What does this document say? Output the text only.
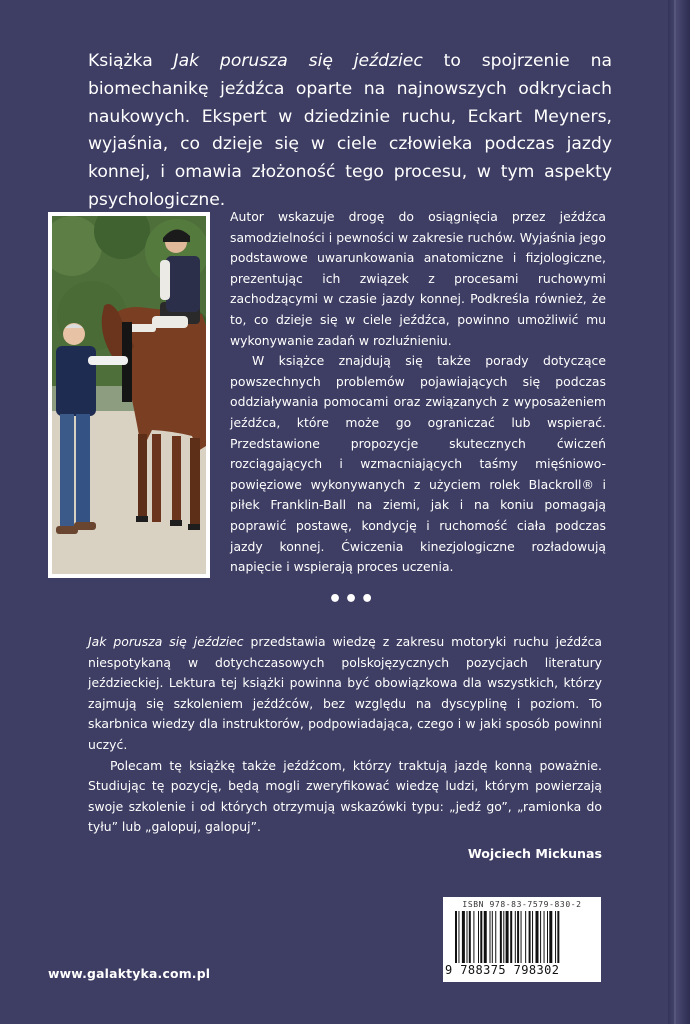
Książka Jak porusza się jeździec to spojrzenie na biomechanikę jeźdźca oparte na najnowszych odkryciach naukowych. Ekspert w dziedzinie ruchu, Eckart Meyners, wyjaśnia, co dzieje się w ciele człowieka podczas jazdy konnej, i omawia złożoność tego procesu, w tym aspekty psychologiczne.

Autor wskazuje drogę do osiągnięcia przez jeźdźca samodzielności i pewności w zakresie ruchów. Wyjaśnia jego podstawowe uwarunkowania anatomiczne i fizjologiczne, prezentując ich związek z procesami ruchowymi zachodzącymi w czasie jazdy konnej. Podkreśla również, że to, co dzieje się w ciele jeźdźca, powinno umożliwić mu wykonywanie zadań w rozluźnieniu.

W książce znajdują się także porady dotyczące powszechnych problemów pojawiających się podczas oddziaływania pomocami oraz związanych z wyposażeniem jeźdźca, które może go ograniczać lub wspierać. Przedstawione propozycje skutecznych ćwiczeń rozciągających i wzmacniających taśmy mięśniowo-powięziowe wykonywanych z użyciem rolek Blackroll® i piłek Franklin-Ball na ziemi, jak i na koniu pomagają poprawić postawę, kondycję i ruchomość ciała podczas jazdy konnej. Ćwiczenia kinezjologiczne rozładowują napięcie i wspierają proces uczenia.

•••

Jak porusza się jeździec przedstawia wiedzę z zakresu motoryki ruchu jeźdźca niespotykaną w dotychczasowych polskojęzycznych pozycjach literatury jeździeckiej. Lektura tej książki powinna być obowiązkowa dla wszystkich, którzy zajmują się szkoleniem jeźdźców, bez względu na dyscyplinę i poziom. To skarbnica wiedzy dla instruktorów, podpowiadająca, czego i w jaki sposób powinni uczyć.

Polecam tę książkę także jeźdźcom, którzy traktują jazdę konną poważnie. Studiując tę pozycję, będą mogli zweryfikować wiedzę ludzi, którym powierzają swoje szkolenie i od których otrzymują wskazówki typu: „jedź go”, „ramionka do tyłu” lub „galopuj, galopuj”.

Wojciech Mickunas
www.galaktyka.com.pl
ISBN 978-83-7579-830-2
9 788375 798302
